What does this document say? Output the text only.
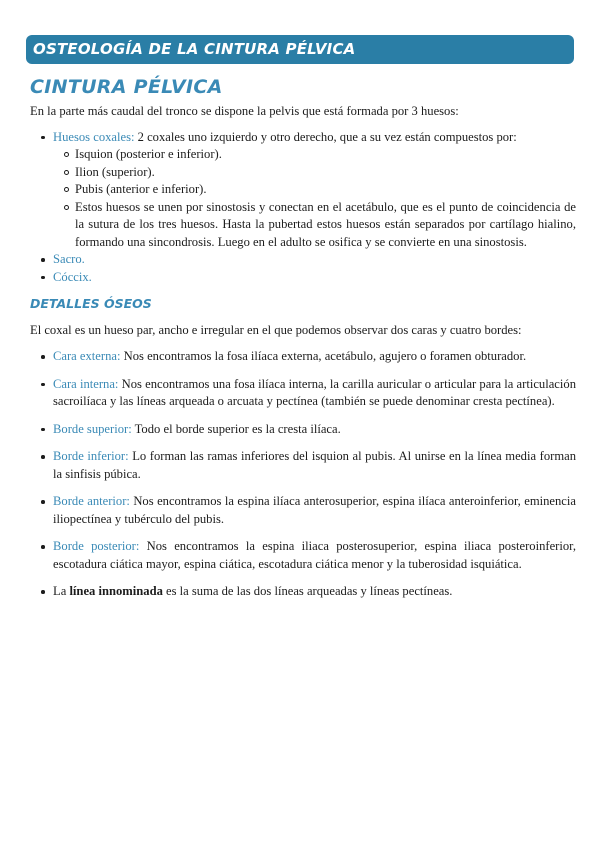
OSTEOLOGÍA DE LA CINTURA PÉLVICA
CINTURA PÉLVICA

En la parte más caudal del tronco se dispone la pelvis que está formada por 3 huesos:

Huesos coxales: 2 coxales uno izquierdo y otro derecho, que a su vez están compuestos por:
Isquion (posterior e inferior).
Ilion (superior).
Pubis (anterior e inferior).
Estos huesos se unen por sinostosis y conectan en el acetábulo, que es el punto de coincidencia de la sutura de los tres huesos. Hasta la pubertad estos huesos están separados por cartílago hialino, formando una sincondrosis. Luego en el adulto se osifica y se convierte en una sinostosis.
Sacro.
Cóccix.
DETALLES ÓSEOS

El coxal es un hueso par, ancho e irregular en el que podemos observar dos caras y cuatro bordes:

Cara externa: Nos encontramos la fosa ilíaca externa, acetábulo, agujero o foramen obturador.
Cara interna: Nos encontramos una fosa ilíaca interna, la carilla auricular o articular para la articulación sacroilíaca y las líneas arqueada o arcuata y pectínea (también se puede denominar cresta pectínea).
Borde superior: Todo el borde superior es la cresta ilíaca.
Borde inferior: Lo forman las ramas inferiores del isquion al pubis. Al unirse en la línea media forman la sinfisis púbica.
Borde anterior: Nos encontramos la espina ilíaca anterosuperior, espina ilíaca anteroinferior, eminencia iliopectínea y tubérculo del pubis.
Borde posterior: Nos encontramos la espina iliaca posterosuperior, espina iliaca posteroinferior, escotadura ciática mayor, espina ciática, escotadura ciática menor y la tuberosidad isquiática.
La línea innominada es la suma de las dos líneas arqueadas y líneas pectíneas.
